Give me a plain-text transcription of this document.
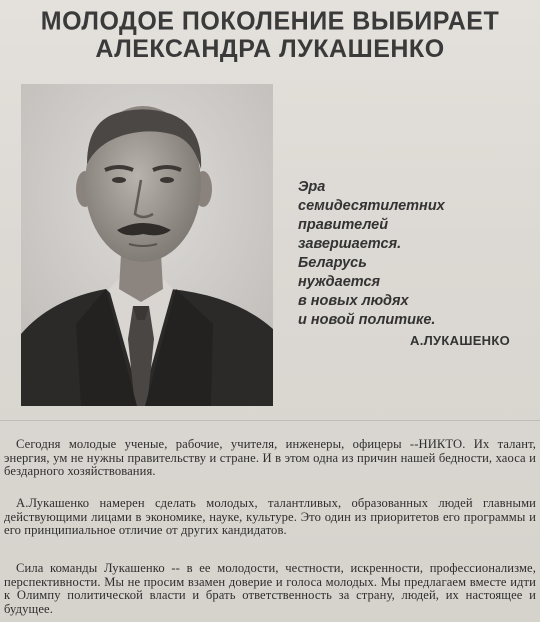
МОЛОДОЕ ПОКОЛЕНИЕ ВЫБИРАЕТ
АЛЕКСАНДРА ЛУКАШЕНКО
Эра
семидесятилетних
правителей
завершается.
Беларусь
нуждается
в новых людях
и новой политике.
А.ЛУКАШЕНКО
Сегодня молодые ученые, рабочие, учителя, инженеры, офицеры --НИКТО. Их талант, энергия, ум не нужны правительству и стране. И в этом одна из причин нашей бедности, хаоса и бездарного хозяйствования.
А.Лукашенко намерен сделать молодых, талантливых, образованных людей главными действующими лицами в экономике, науке, культуре. Это один из приоритетов его программы и его принципиальное отличие от других кандидатов.
Сила команды Лукашенко -- в ее молодости, честности, искренности, профессионализме, перспективности. Мы не просим взамен доверие и голоса молодых. Мы предлагаем вместе идти к Олимпу политической власти и брать ответственность за страну, людей, их настоящее и будущее.
